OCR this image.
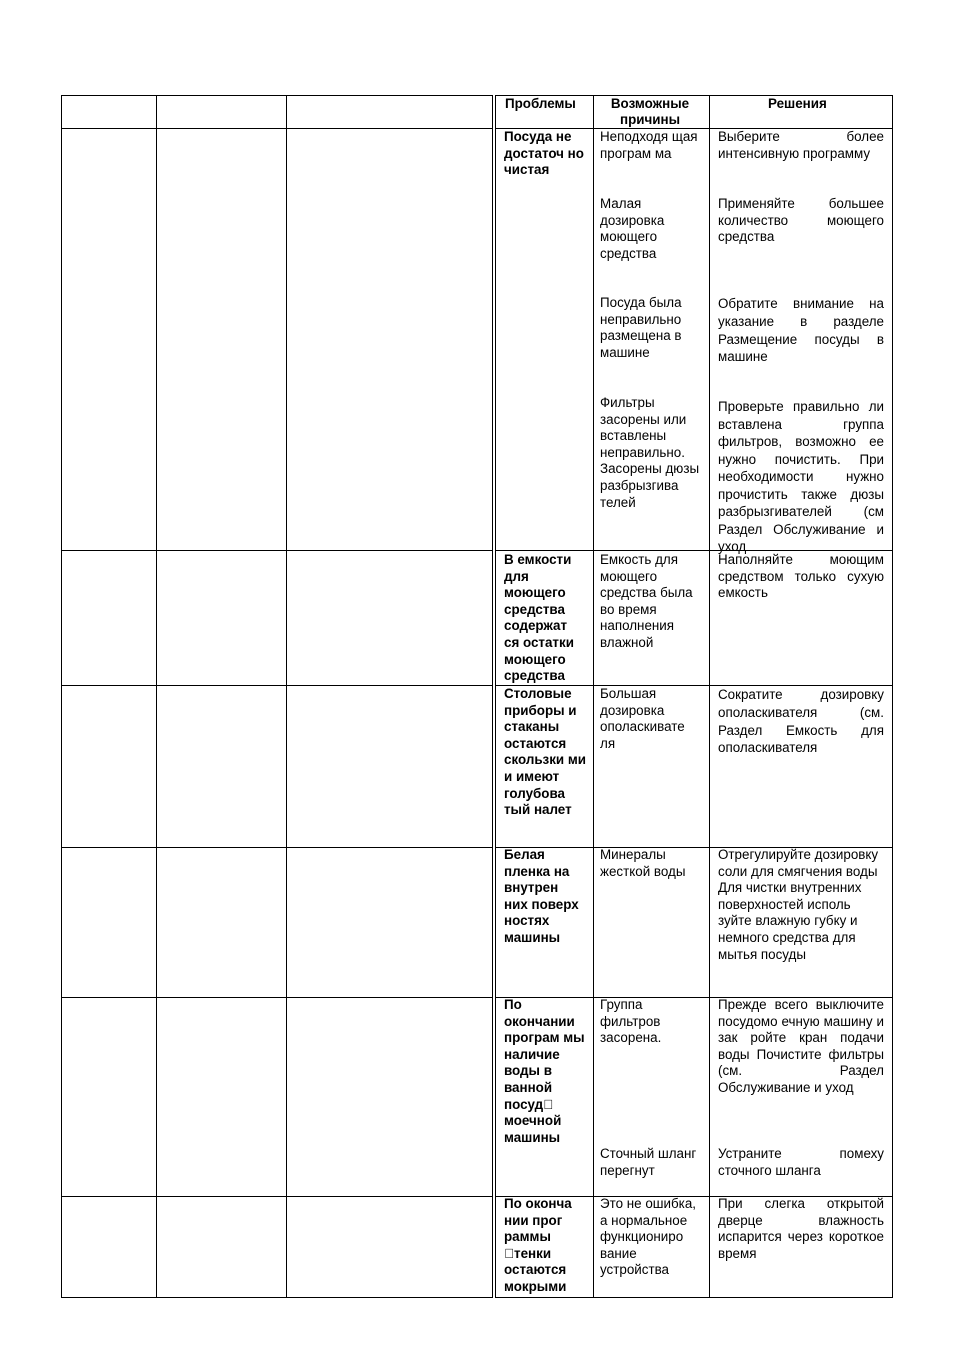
Проблемы	Возможные причины
Решения
Посуда не достаточ но чистая
Неподходя щая програм ма
Выберите более интенсивную программу
Малая дозировка моющего средства
Применяйте большее количество моющего средства
Посуда была неправильно размещена в машине
Обратите внимание на указание в разделе Размещение посуды в машине
Фильтры засорены или вставлены неправильно. Засорены дюзы разбрызгива телей
Проверьте правильно ли вставлена группа фильтров, возможно ее нужно почистить. При необходимости нужно прочистить также дюзы разбрызгивателей (см Раздел Обслуживание и уход
В емкости для моющего средства содержат ся остатки моющего средства
Емкость для моющего средства была во время наполнения влажной
Наполняйте моющим средством только сухую емкость
Столовые приборы и стаканы остаются скользки ми и имеют голубова тый налет
Большая дозировка ополаскивате ля
Сократите дозировку ополаскивателя (см. Раздел Емкость для ополаскивателя
Белая пленка на внутрен них поверх ностях машины
Минералы жесткой воды
Отрегулируйте дозировку соли для смягчения воды Для чистки внутренних поверхностей исполь зуйте влажную губку и немного средства для мытья посуды
По окончании програм мы наличие воды в ванной посуд моечной машины
Группа фильтров засорена.
Прежде всего выключите посудомо ечную машину и зак ройте кран подачи воды Почистите фильтры (см. Раздел Обслуживание и уход
Сточный шланг перегнут
Устраните помеху сточного шланга
По оконча нии прог раммы тенки остаются мокрыми
Это не ошибка, а нормальное функциониро вание устройства
При слегка открытой дверце влажность испарится через короткое время
